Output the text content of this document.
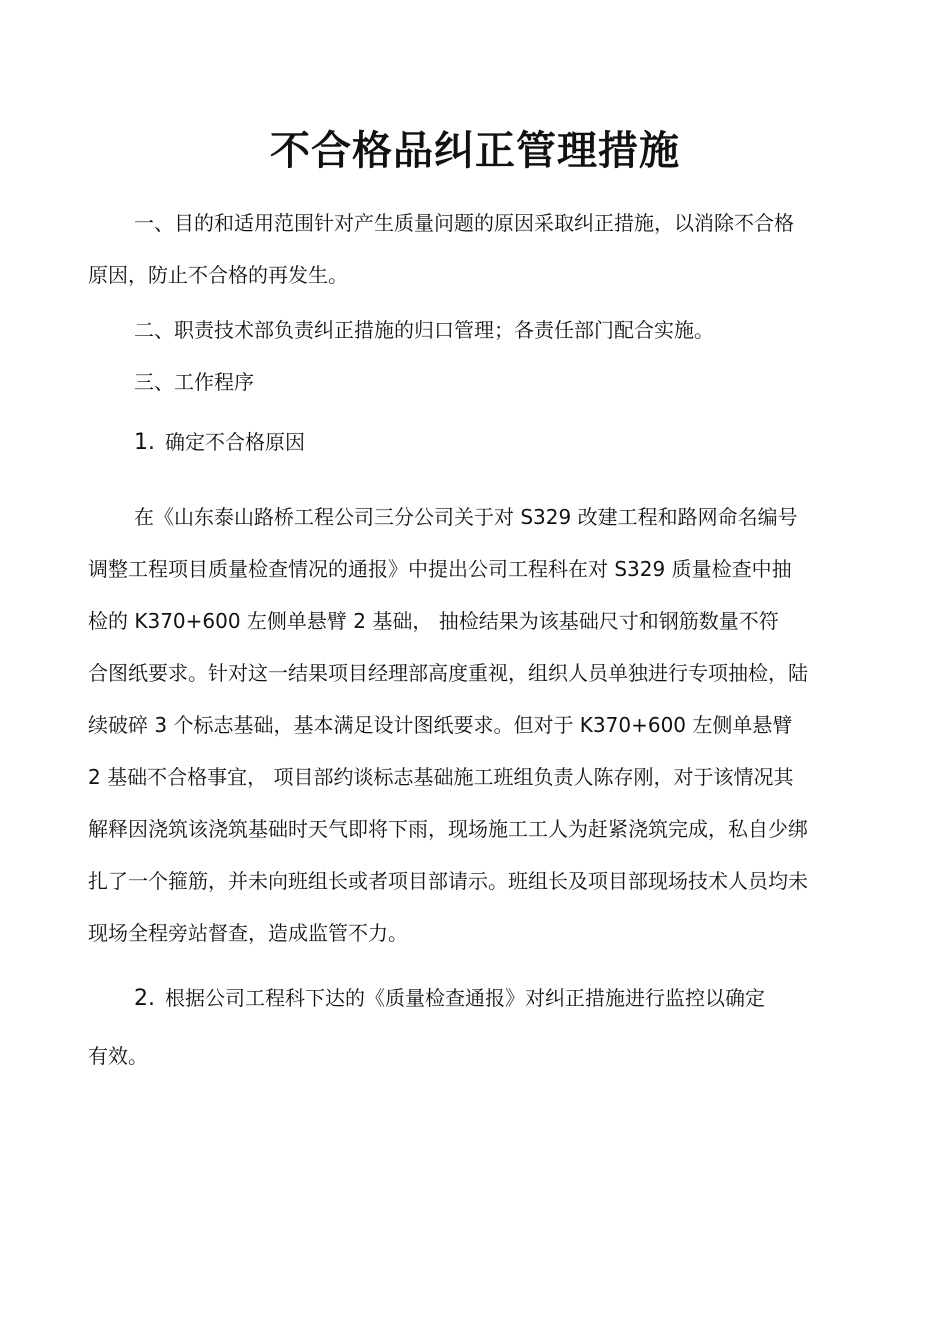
不合格品纠正管理措施
一、目的和适用范围针对产生质量问题的原因采取纠正措施，以消除不合格
原因，防止不合格的再发生。
二、职责技术部负责纠正措施的归口管理；各责任部门配合实施。
三、工作程序
1. 确定不合格原因
在《山东泰山路桥工程公司三分公司关于对 S329 改建工程和路网命名编号
调整工程项目质量检查情况的通报》中提出公司工程科在对 S329 质量检查中抽
检的 K370+600 左侧单悬臂 2 基础， 抽检结果为该基础尺寸和钢筋数量不符
合图纸要求。针对这一结果项目经理部高度重视，组织人员单独进行专项抽检，陆
续破碎 3 个标志基础，基本满足设计图纸要求。但对于 K370+600 左侧单悬臂
2 基础不合格事宜， 项目部约谈标志基础施工班组负责人陈存刚，对于该情况其
解释因浇筑该浇筑基础时天气即将下雨，现场施工工人为赶紧浇筑完成，私自少绑
扎了一个箍筋，并未向班组长或者项目部请示。班组长及项目部现场技术人员均未
现场全程旁站督查，造成监管不力。
2. 根据公司工程科下达的《质量检查通报》对纠正措施进行监控以确定
有效。
